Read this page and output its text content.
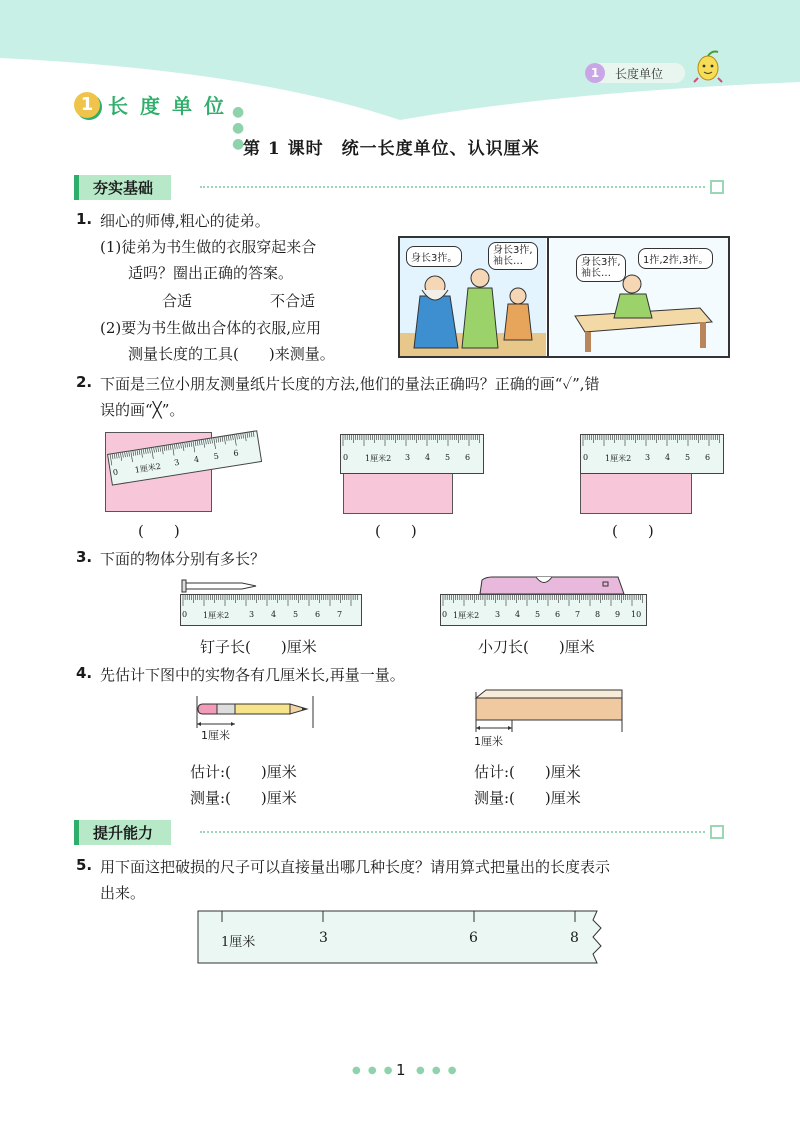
1	长度单位
1 长度单位
● ● ●
第 1 课时　统一长度单位、认识厘米
夯实基础
1. 细心的师傅,粗心的徒弟。
(1)徒弟为书生做的衣服穿起来合
适吗？圈出正确的答案。
合适	不合适
(2)要为书生做出合体的衣服,应用
测量长度的工具(　　)来测量。
身长3拃。
身长3拃,
袖长…	身长3拃,
袖长…
1拃,2拃,3拃。
2. 下面是三位小朋友测量纸片长度的方法,他们的量法正确吗？正确的画“✓”,错
误的画“╳”。
0 1厘米2 3 4 5 6	0 1厘米2 3 4 5 6	0 1厘米2 3 4 5 6
(　　)	(　　)	(　　)
3. 下面的物体分别有多长？
0 1厘米2 3 4 5 6 7	0 1厘米2 3 4 5 6 7 8 9 10
钉子长(　　)厘米	小刀长(　　)厘米
4. 先估计下图中的实物各有几厘米长,再量一量。
1厘米	1厘米
估计:(　　)厘米
测量:(　　)厘米
估计:(　　)厘米
测量:(　　)厘米
提升能力
5. 用下面这把破损的尺子可以直接量出哪几种长度？请用算式把量出的长度表示
出来。
1厘米	3	6	8
● ● ● 1 ● ● ●
